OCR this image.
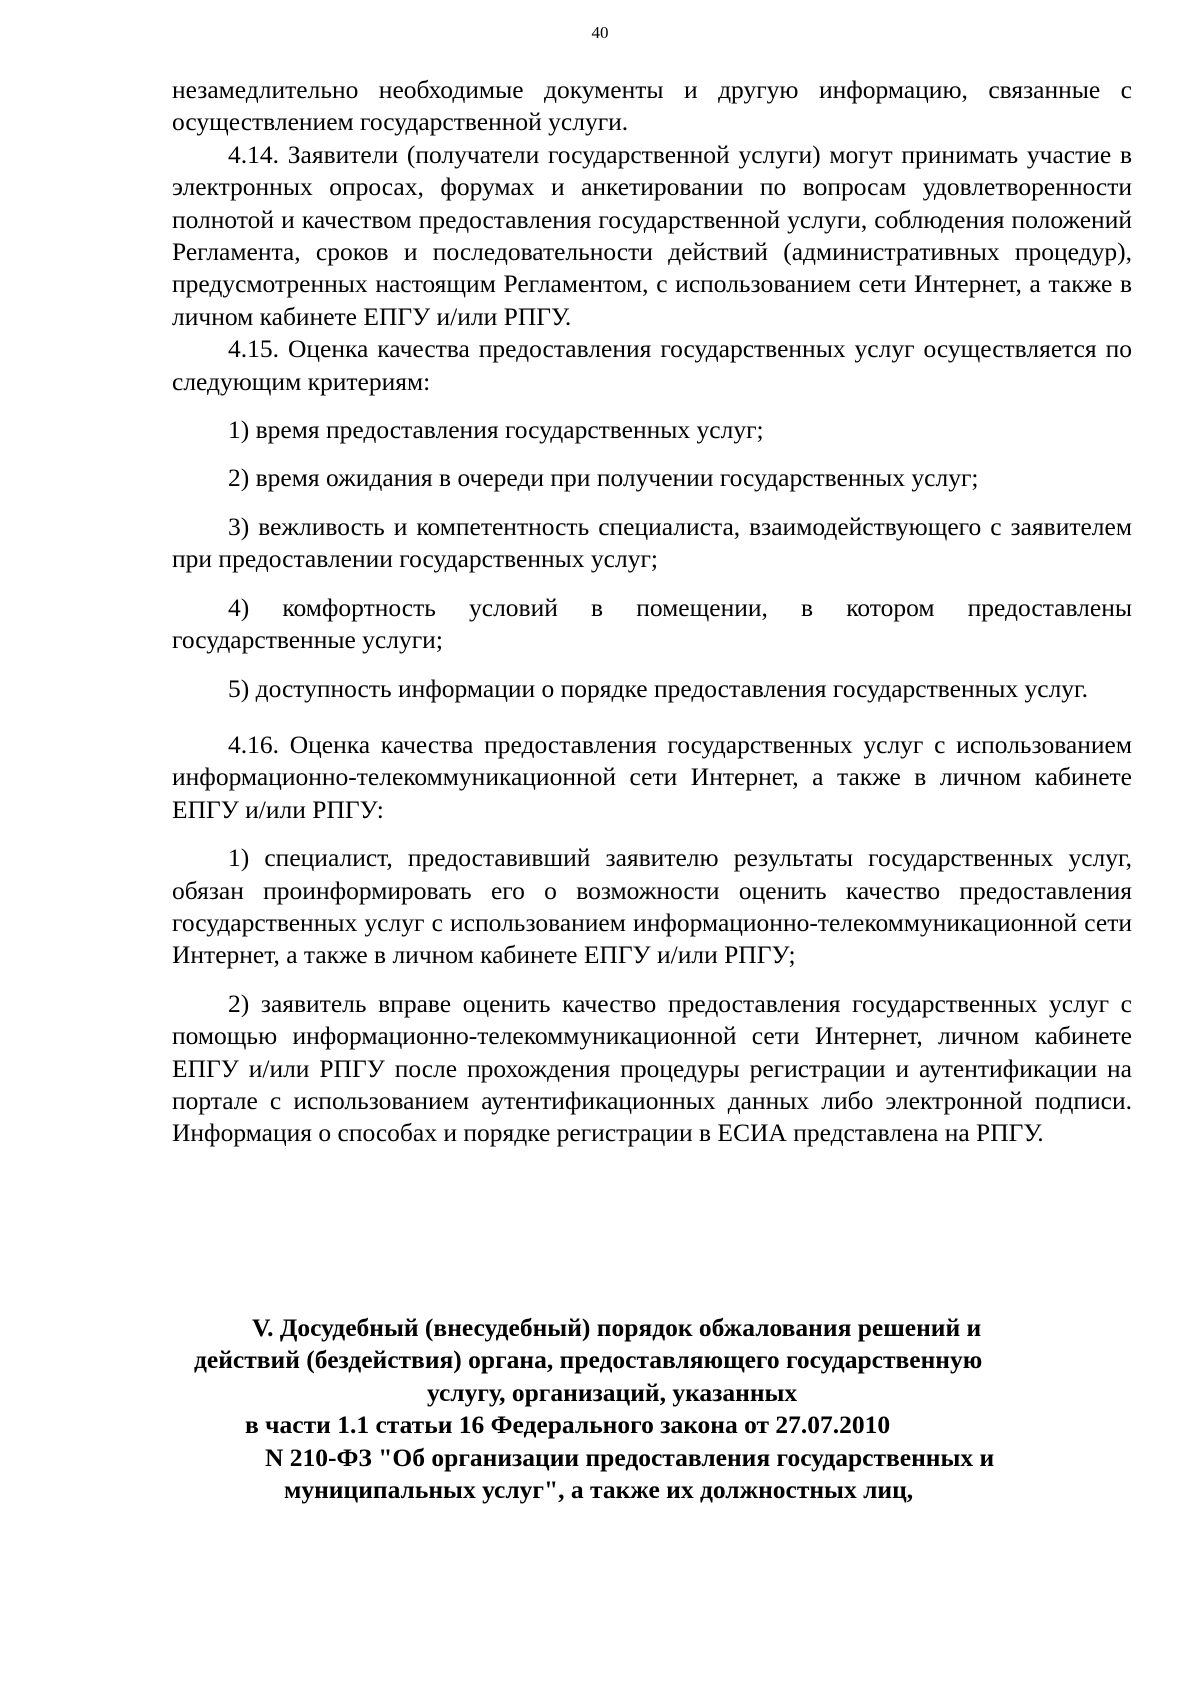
40

незамедлительно необходимые документы и другую информацию, связанные с осуществлением государственной услуги.

4.14. Заявители (получатели государственной услуги) могут принимать участие в электронных опросах, форумах и анкетировании по вопросам удовлетворенности полнотой и качеством предоставления государственной услуги, соблюдения положений Регламента, сроков и последовательности действий (административных процедур), предусмотренных настоящим Регламентом, с использованием сети Интернет, а также в личном кабинете ЕПГУ и/или РПГУ.

4.15. Оценка качества предоставления государственных услуг осуществляется по следующим критериям:

1) время предоставления государственных услуг;

2) время ожидания в очереди при получении государственных услуг;

3) вежливость и компетентность специалиста, взаимодействующего с заявителем при предоставлении государственных услуг;

4) комфортность условий в помещении, в котором предоставлены государственные услуги;

5) доступность информации о порядке предоставления государственных услуг.

4.16. Оценка качества предоставления государственных услуг с использованием информационно-телекоммуникационной сети Интернет, а также в личном кабинете ЕПГУ и/или РПГУ:

1) специалист, предоставивший заявителю результаты государственных услуг, обязан проинформировать его о возможности оценить качество предоставления государственных услуг с использованием информационно-телекоммуникационной сети Интернет, а также в личном кабинете ЕПГУ и/или РПГУ;

2) заявитель вправе оценить качество предоставления государственных услуг с помощью информационно-телекоммуникационной сети Интернет, личном кабинете ЕПГУ и/или РПГУ после прохождения процедуры регистрации и аутентификации на портале с использованием аутентификационных данных либо электронной подписи. Информация о способах и порядке регистрации в ЕСИА представлена на РПГУ.

V. Досудебный (внесудебный) порядок обжалования решений и
действий (бездействия) органа, предоставляющего государственную
услугу, организаций, указанных
в части 1.1 статьи 16 Федерального закона от 27.07.2010
N 210-ФЗ "Об организации предоставления государственных и
муниципальных услуг", а также их должностных лиц,
